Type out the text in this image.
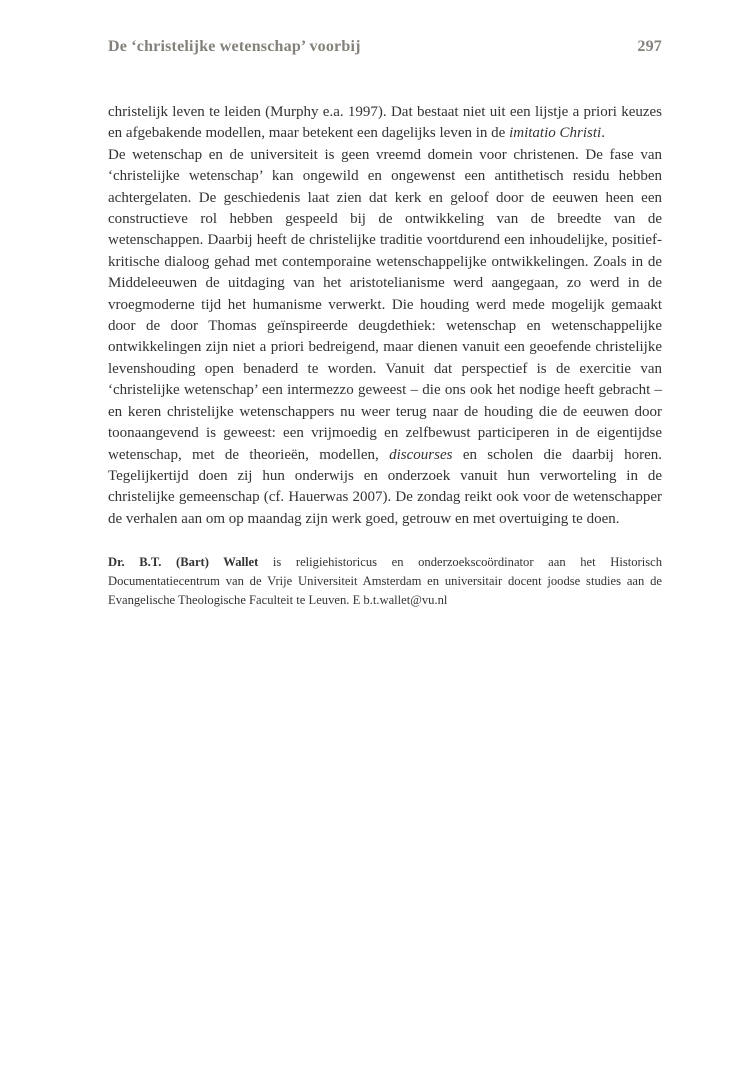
De ‘christelijke wetenschap’ voorbij	297

christelijk leven te leiden (Murphy e.a. 1997). Dat bestaat niet uit een lijstje a priori keuzes en afgebakende modellen, maar betekent een dagelijks leven in de imitatio Christi.

De wetenschap en de universiteit is geen vreemd domein voor christenen. De fase van ‘christelijke wetenschap’ kan ongewild en ongewenst een antithetisch residu hebben achtergelaten. De geschiedenis laat zien dat kerk en geloof door de eeuwen heen een constructieve rol hebben gespeeld bij de ontwikkeling van de breedte van de wetenschappen. Daarbij heeft de christelijke traditie voortdurend een inhoudelijke, positief-kritische dialoog gehad met contemporaine wetenschappelijke ontwikkelingen. Zoals in de Middeleeuwen de uitdaging van het aristotelianisme werd aangegaan, zo werd in de vroegmoderne tijd het humanisme verwerkt. Die houding werd mede mogelijk gemaakt door de door Thomas geïnspireerde deugdethiek: wetenschap en wetenschappelijke ontwikkelingen zijn niet a priori bedreigend, maar dienen vanuit een geoefende christelijke levenshouding open benaderd te worden. Vanuit dat perspectief is de exercitie van ‘christelijke wetenschap’ een intermezzo geweest – die ons ook het nodige heeft gebracht – en keren christelijke wetenschappers nu weer terug naar de houding die de eeuwen door toonaangevend is geweest: een vrijmoedig en zelfbewust participeren in de eigentijdse wetenschap, met de theorieën, modellen, discourses en scholen die daarbij horen. Tegelijkertijd doen zij hun onderwijs en onderzoek vanuit hun verworteling in de christelijke gemeenschap (cf. Hauerwas 2007). De zondag reikt ook voor de wetenschapper de verhalen aan om op maandag zijn werk goed, getrouw en met overtuiging te doen.

Dr. B.T. (Bart) Wallet is religiehistoricus en onderzoekscoördinator aan het Historisch Documentatiecentrum van de Vrije Universiteit Amsterdam en universitair docent joodse studies aan de Evangelische Theologische Faculteit te Leuven. E b.t.wallet@vu.nl
